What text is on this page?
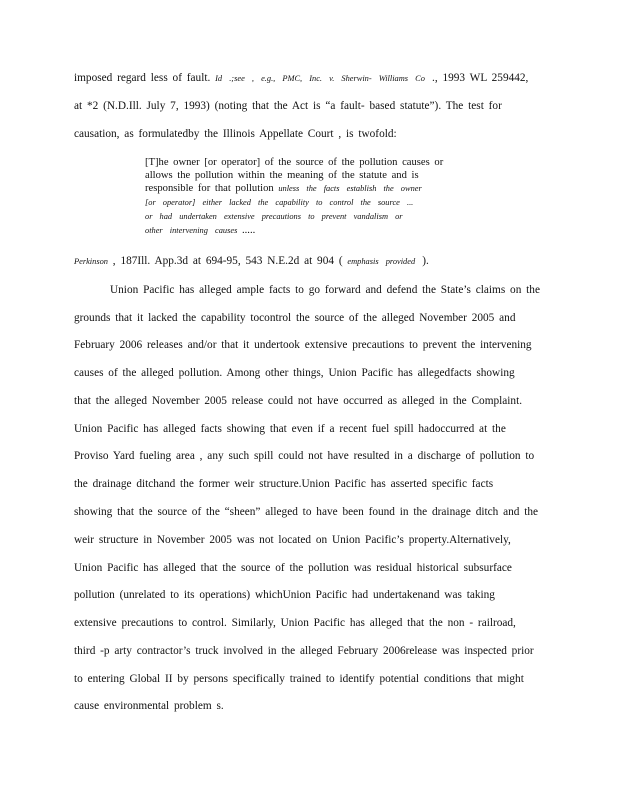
imposed regard less of fault. Id .;see , e.g., PMC, Inc. v. Sherwin- Williams Co ., 1993 WL 259442,
at *2 (N.D.Ill. July 7, 1993) (noting that the Act is “a fault- based statute”). The test for
causation, as formulatedby the Illinois Appellate Court , is twofold:
[T]he owner [or operator] of the source of the pollution causes or
allows the pollution within the meaning of the statute and is
responsible for that pollution unless the facts establish the owner
[or operator] either lacked the capability to control the source ...
or had undertaken extensive precautions to prevent vandalism or
other intervening causes .....
Perkinson , 187Ill. App.3d at 694-95, 543 N.E.2d at 904 ( emphasis provided ).
Union Pacific has alleged ample facts to go forward and defend the State’s claims on the
grounds that it lacked the capability tocontrol the source of the alleged November 2005 and
February 2006 releases and/or that it undertook extensive precautions to prevent the intervening
causes of the alleged pollution. Among other things, Union Pacific has allegedfacts showing
that the alleged November 2005 release could not have occurred as alleged in the Complaint.
Union Pacific has alleged facts showing that even if a recent fuel spill hadoccurred at the
Proviso Yard fueling area , any such spill could not have resulted in a discharge of pollution to
the drainage ditchand the former weir structure.Union Pacific has asserted specific facts
showing that the source of the “sheen” alleged to have been found in the drainage ditch and the
weir structure in November 2005 was not located on Union Pacific’s property.Alternatively,
Union Pacific has alleged that the source of the pollution was residual historical subsurface
pollution (unrelated to its operations) whichUnion Pacific had undertakenand was taking
extensive precautions to control. Similarly, Union Pacific has alleged that the non - railroad,
third -p arty contractor’s truck involved in the alleged February 2006release was inspected prior
to entering Global II by persons specifically trained to identify potential conditions that might
cause environmental problem s.
